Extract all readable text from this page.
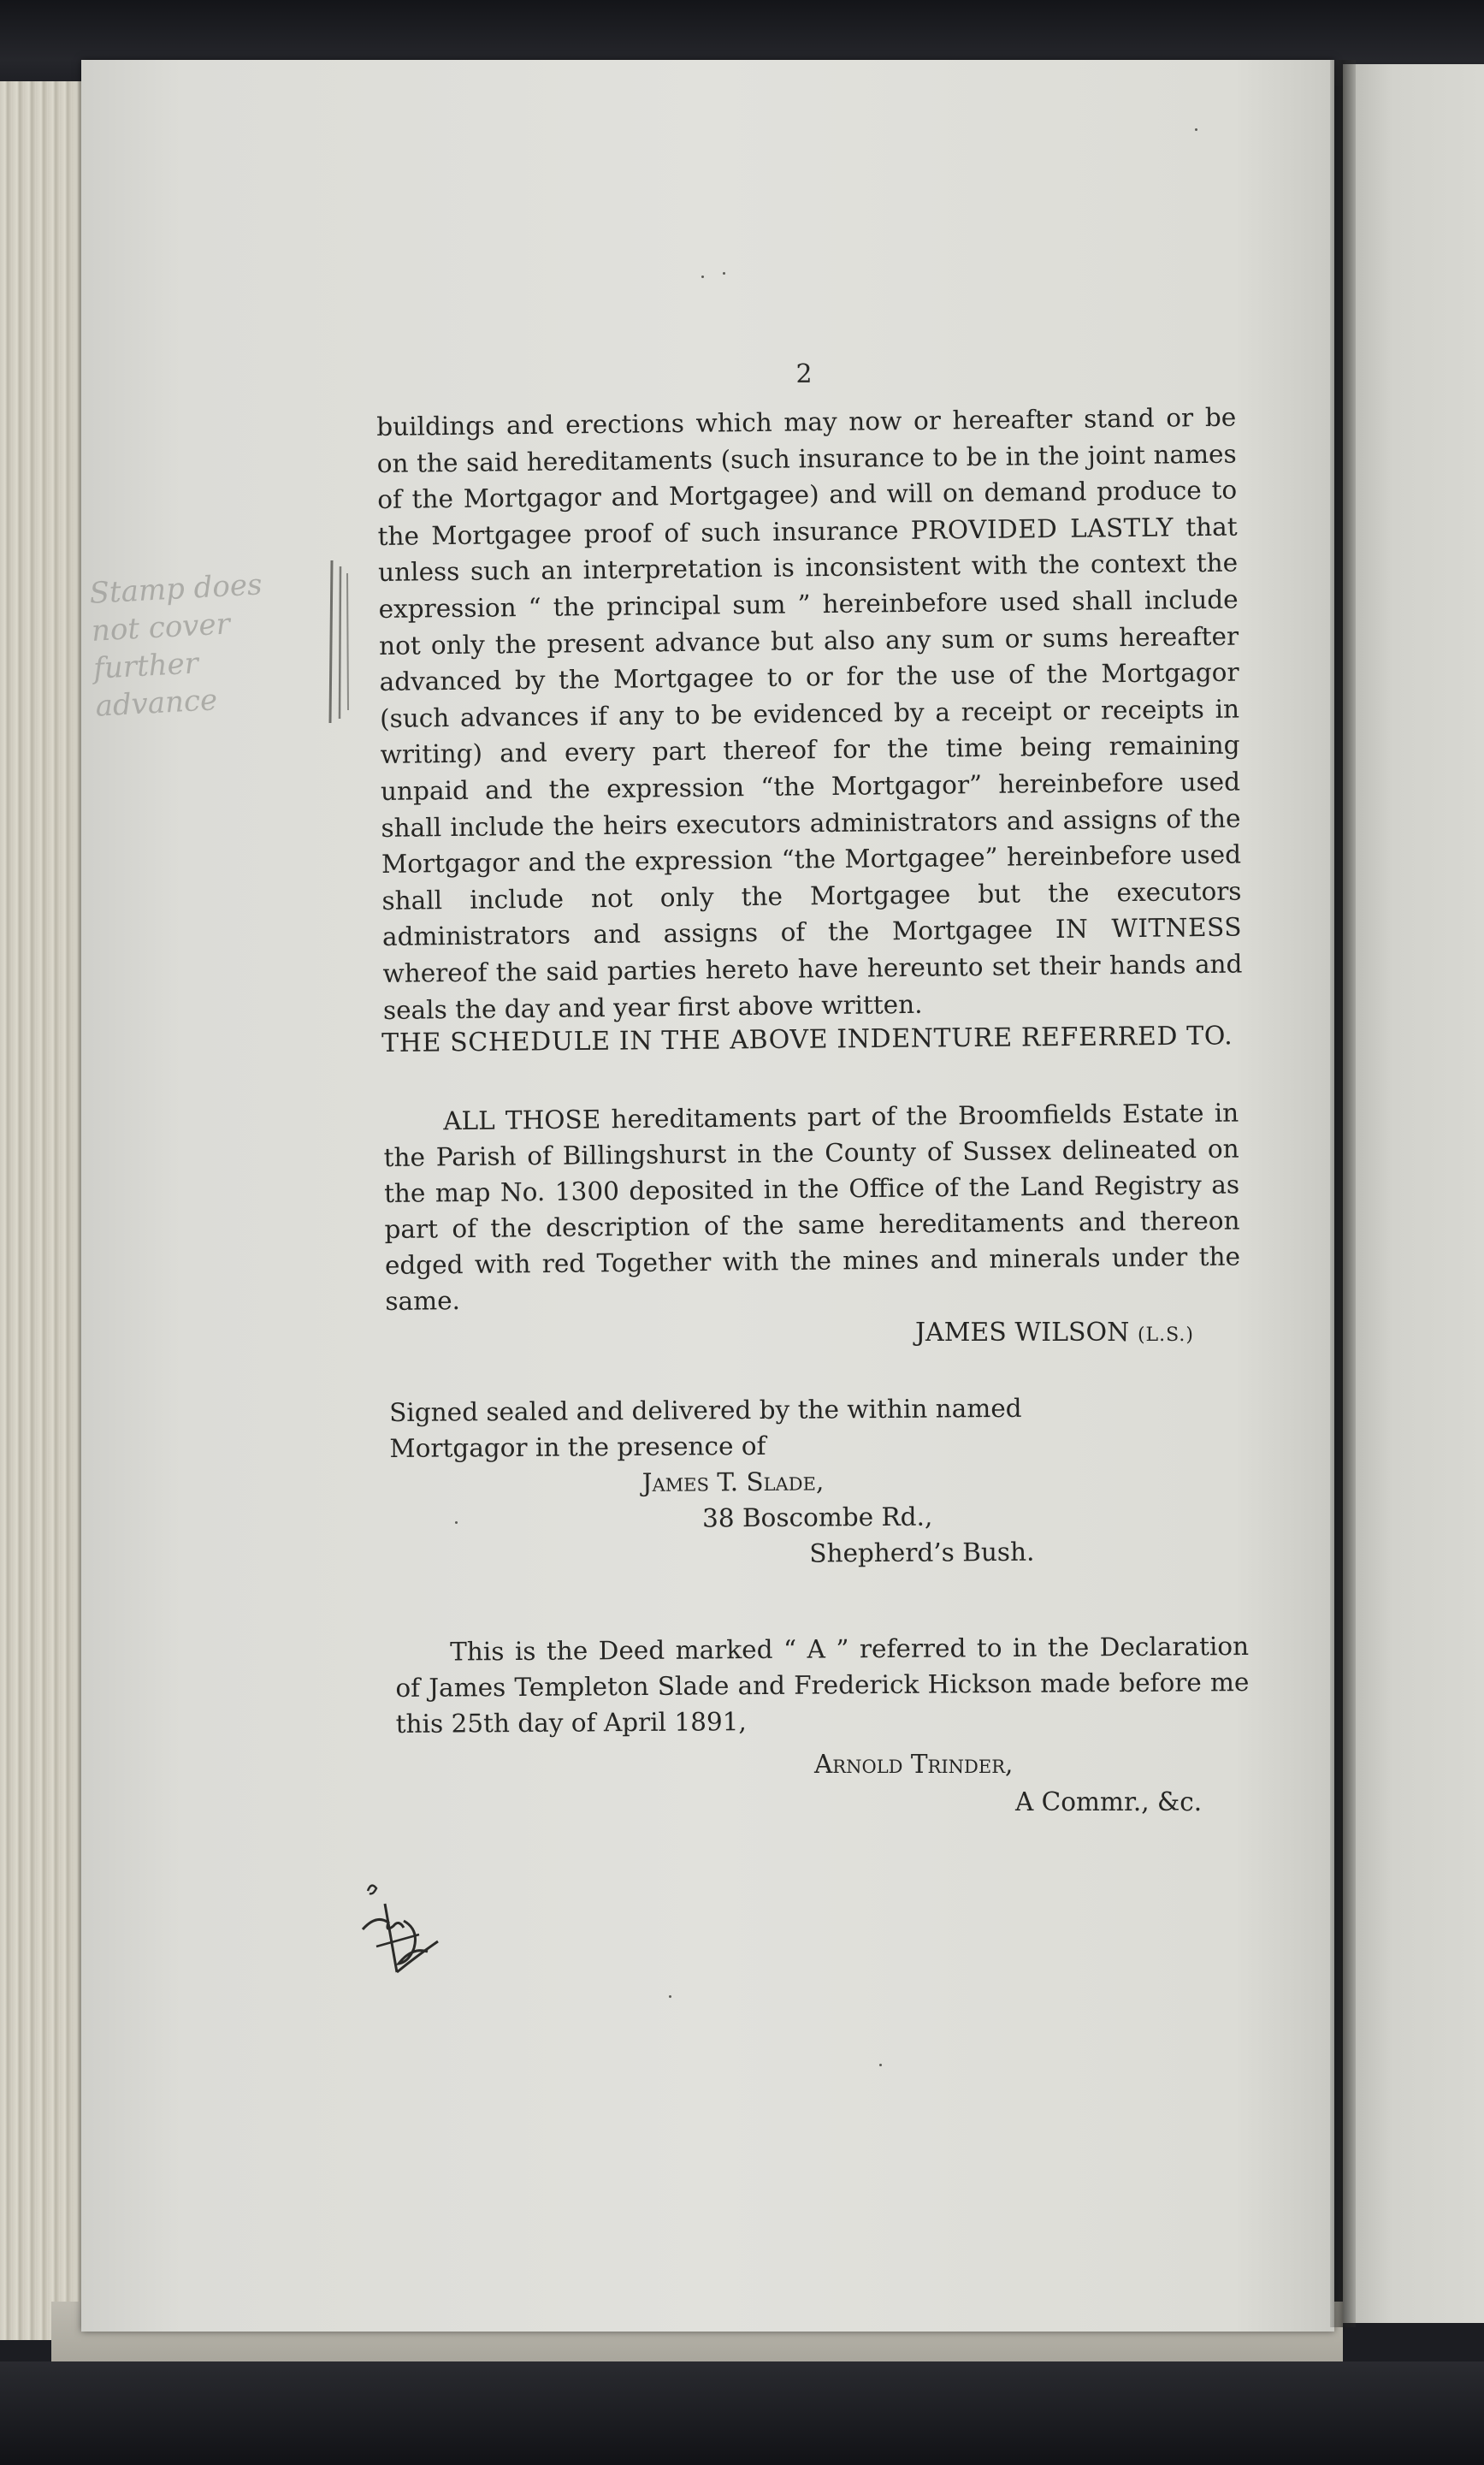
2
buildings and erections which may now or hereafter stand or be on the said hereditaments (such insurance to be in the joint names of the Mortgagor and Mortgagee) and will on demand produce to the Mortgagee proof of such insurance PROVIDED LASTLY that unless such an interpretation is inconsistent with the context the expression “ the principal sum ” hereinbefore used shall include not only the present advance but also any sum or sums hereafter advanced by the Mortgagee to or for the use of the Mortgagor (such advances if any to be evidenced by a receipt or receipts in writing) and every part thereof for the time being remaining unpaid and the expression “the Mortgagor” hereinbefore used shall include the heirs executors administrators and assigns of the Mortgagor and the expression “the Mortgagee” hereinbefore used shall include not only the Mortgagee but the executors administrators and assigns of the Mortgagee IN WITNESS whereof the said parties hereto have hereunto set their hands and seals the day and year first above written.
THE SCHEDULE IN THE ABOVE INDENTURE REFERRED TO.
ALL THOSE hereditaments part of the Broomfields Estate in the Parish of Billingshurst in the County of Sussex delineated on the map No. 1300 deposited in the Office of the Land Registry as part of the description of the same hereditaments and thereon edged with red Together with the mines and minerals under the same.
JAMES WILSON (L.S.)
Signed sealed and delivered by the within named
Mortgagor in the presence of
James T. Slade,
38 Boscombe Rd.,
Shepherd’s Bush.
This is the Deed marked “ A ” referred to in the Declaration of James Templeton Slade and Frederick Hickson made before me this 25th day of April 1891,
Arnold Trinder,
A Commr., &c.
Stamp does
not cover
further
advance
